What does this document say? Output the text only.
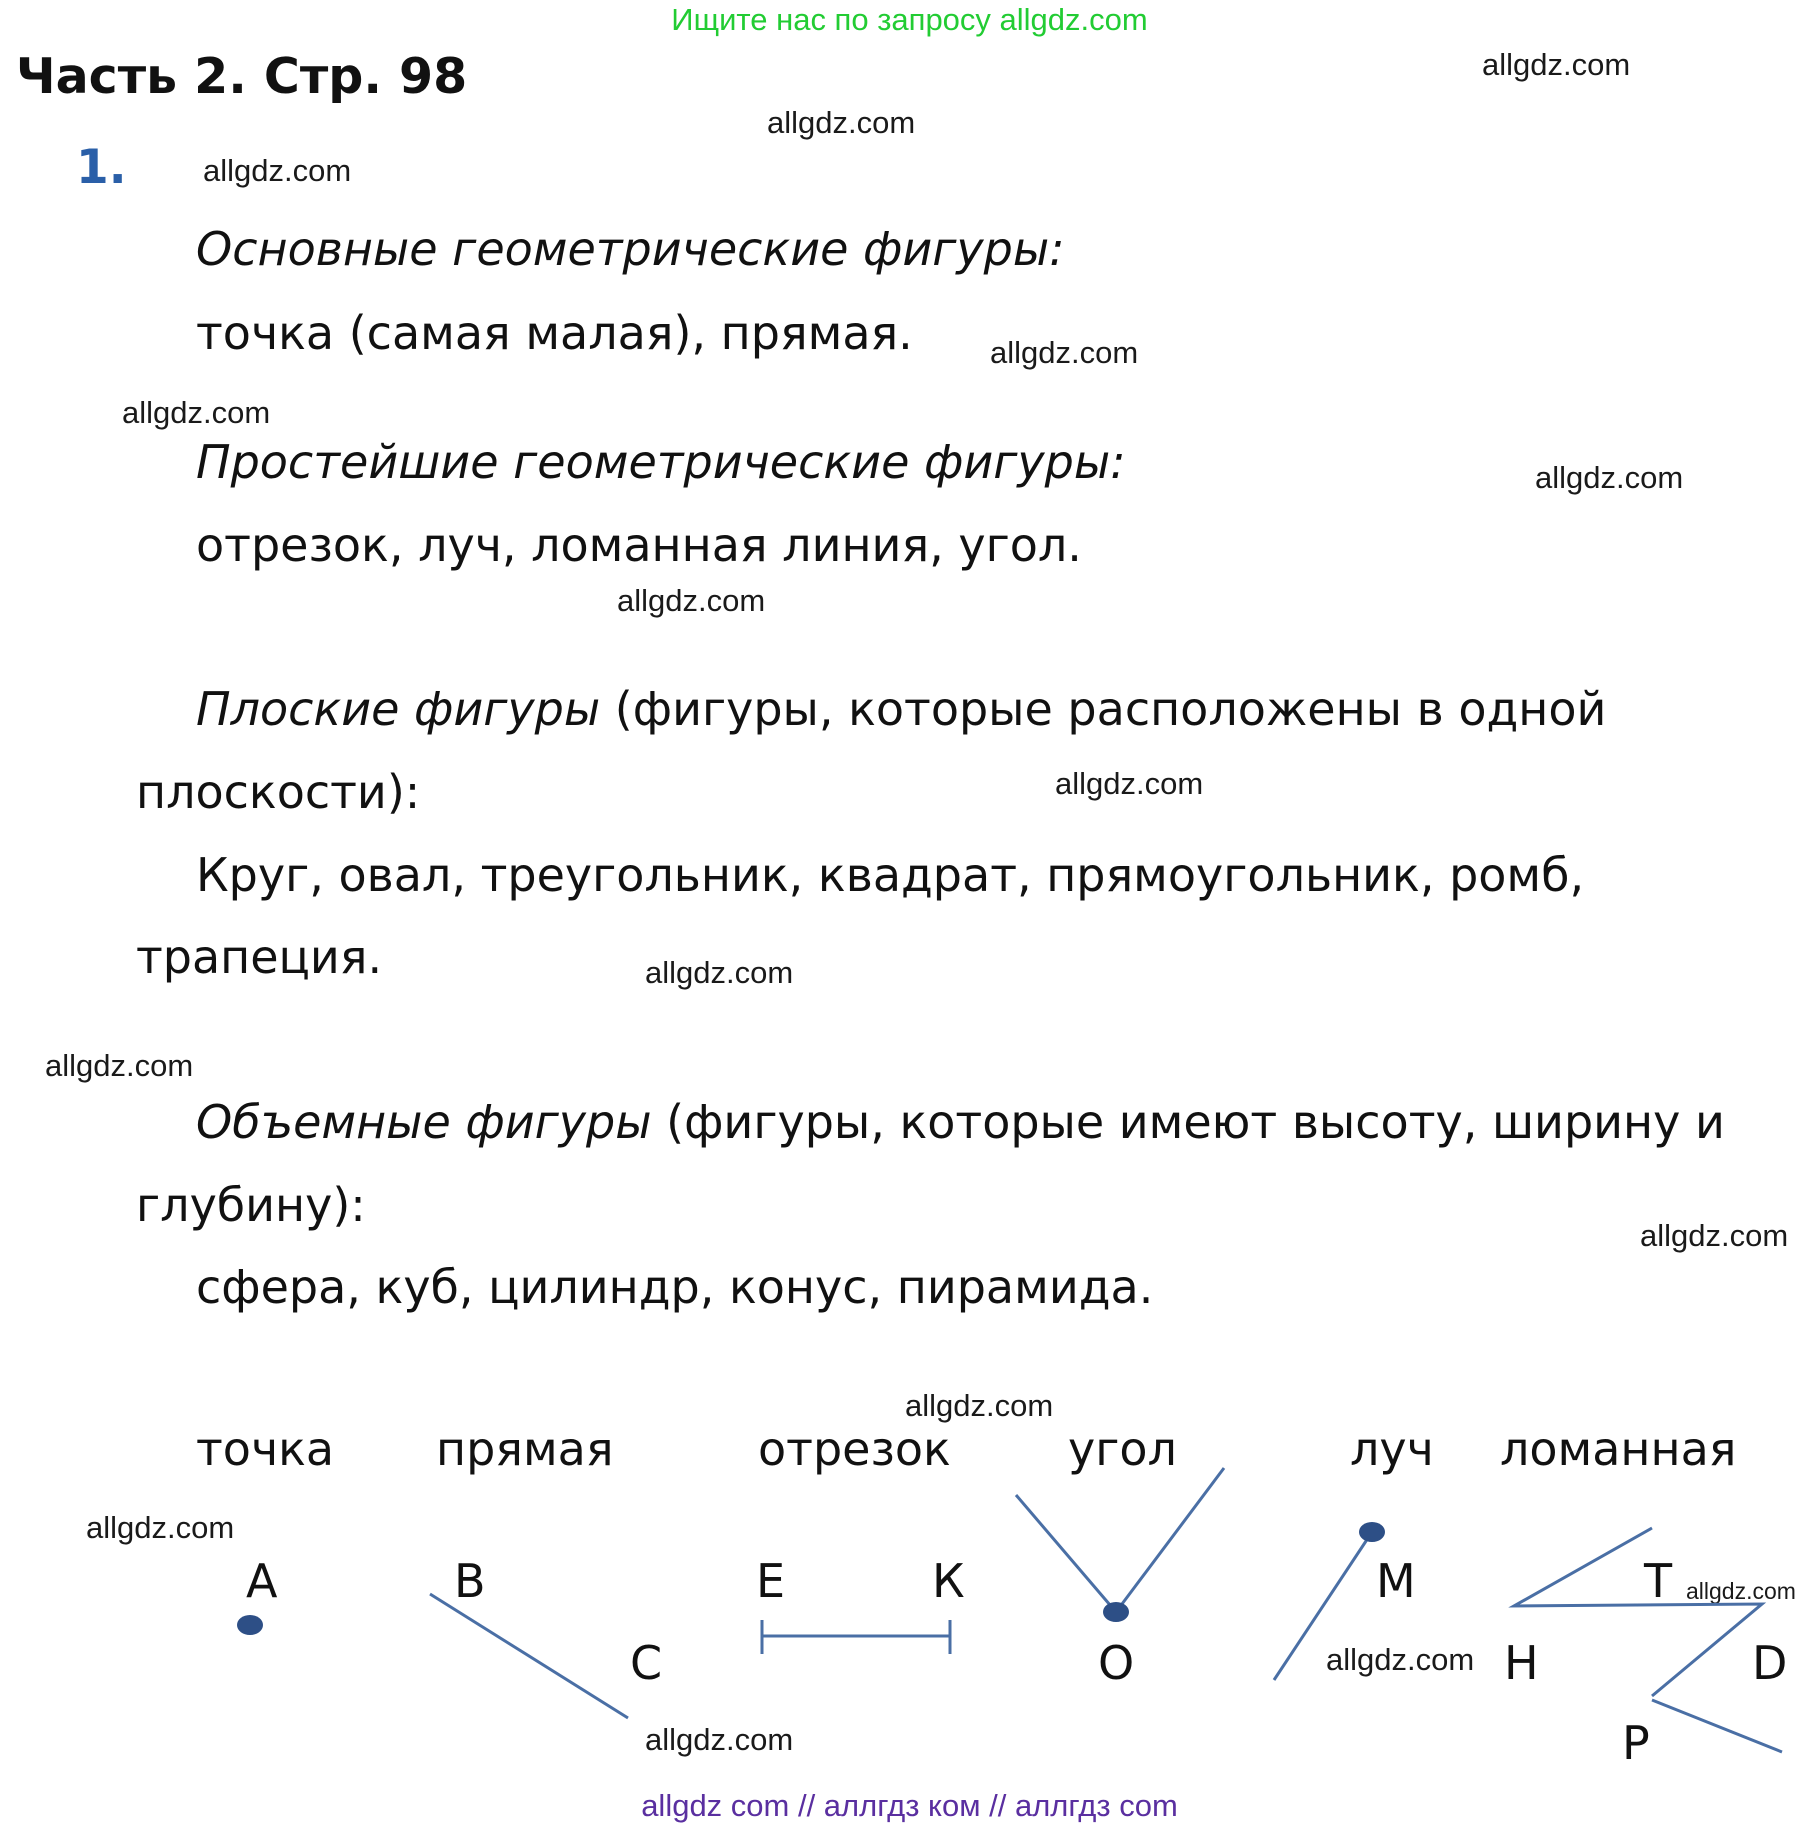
Ищите нас по запросу allgdz.com
Часть 2. Стр. 98	allgdz.com
allgdz.com
allgdz.com
allgdz.com
allgdz.com
allgdz.com
allgdz.com
allgdz.com
allgdz.com
allgdz.com
allgdz.com
allgdz.com
allgdz.com
allgdz.com
allgdz.com
allgdz.com
1.
Основные геометрические фигуры:
точка (самая малая), прямая.
Простейшие геометрические фигуры:
отрезок, луч, ломанная линия, угол.
Плоские фигуры (фигуры, которые расположены в одной
плоскости):
Круг, овал, треугольник, квадрат, прямоугольник, ромб,
трапеция.
Объемные фигуры (фигуры, которые имеют высоту, ширину и
глубину):
сфера, куб, цилиндр, конус, пирамида.
точка прямая	отрезок	угол	луч ломанная
A	B
C
E	К
O
M	T
H	D
P
allgdz com // аллгдз ком // аллгдз com
